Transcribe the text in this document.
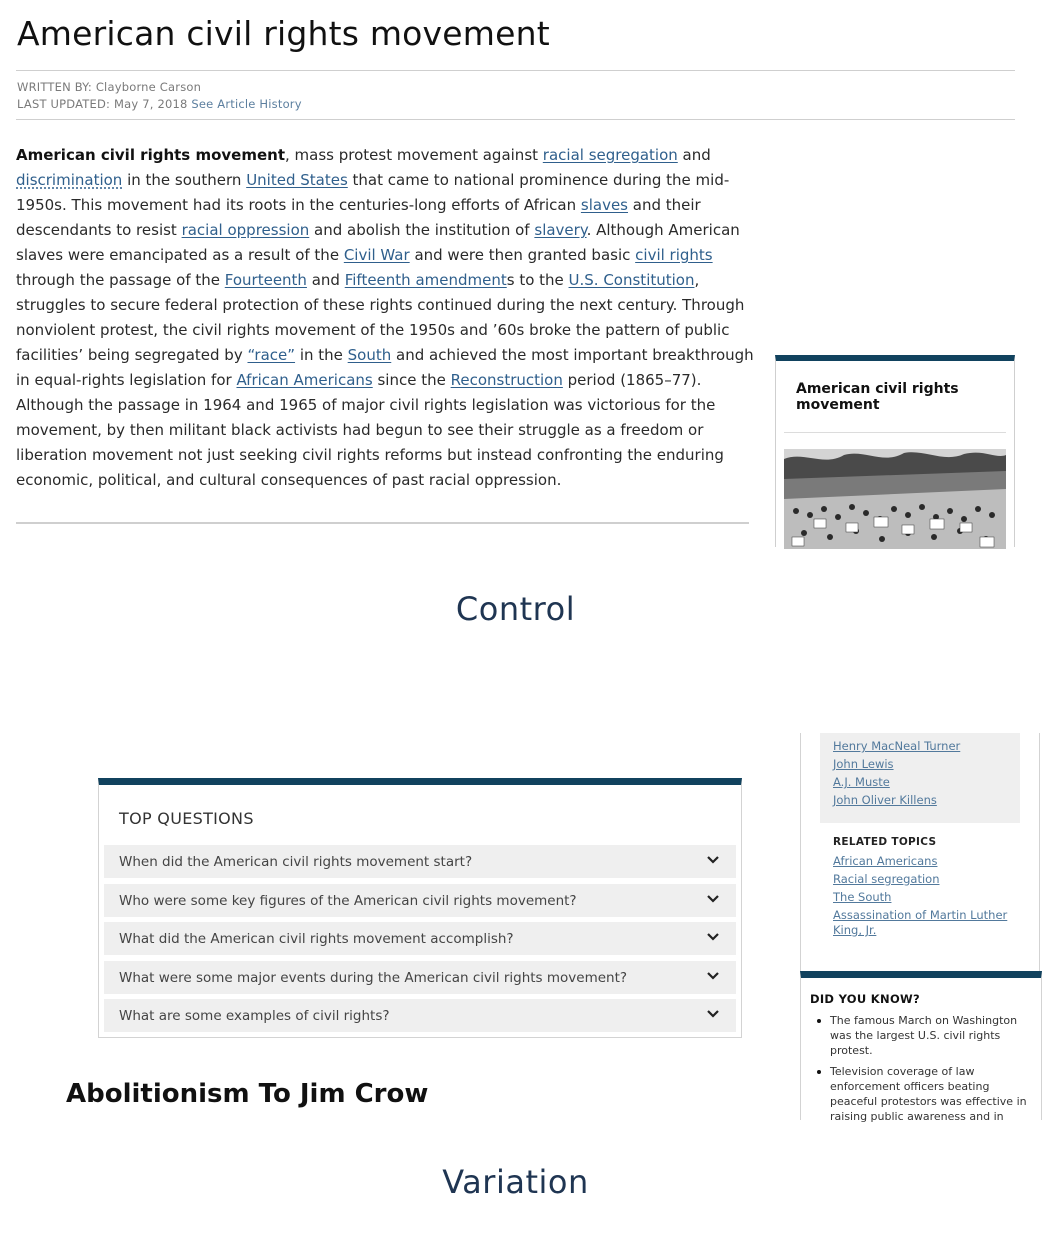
American civil rights movement
WRITTEN BY: Clayborne Carson
LAST UPDATED: May 7, 2018 See Article History

American civil rights movement, mass protest movement against racial segregation and discrimination in the southern United States that came to national prominence during the mid-1950s. This movement had its roots in the centuries-long efforts of African slaves and their descendants to resist racial oppression and abolish the institution of slavery. Although American slaves were emancipated as a result of the Civil War and were then granted basic civil rights through the passage of the Fourteenth and Fifteenth amendments to the U.S. Constitution, struggles to secure federal protection of these rights continued during the next century. Through nonviolent protest, the civil rights movement of the 1950s and ’60s broke the pattern of public facilities’ being segregated by “race” in the South and achieved the most important breakthrough in equal-rights legislation for African Americans since the Reconstruction period (1865–77). Although the passage in 1964 and 1965 of major civil rights legislation was victorious for the movement, by then militant black activists had begun to see their struggle as a freedom or liberation movement not just seeking civil rights reforms but instead confronting the enduring economic, political, and cultural consequences of past racial oppression.

American civil rights movement
Control
Henry MacNeal Turner
John Lewis
A.J. Muste
John Oliver Killens
RELATED TOPICS
African Americans
Racial segregation
The South
Assassination of Martin Luther King, Jr.
DID YOU KNOW?
The famous March on Washington was the largest U.S. civil rights protest.
Television coverage of law enforcement officers beating peaceful protestors was effective in raising public awareness and in
TOP QUESTIONS
When did the American civil rights movement start?
Who were some key figures of the American civil rights movement?
What did the American civil rights movement accomplish?
What were some major events during the American civil rights movement?
What are some examples of civil rights?
Abolitionism To Jim Crow
Variation
